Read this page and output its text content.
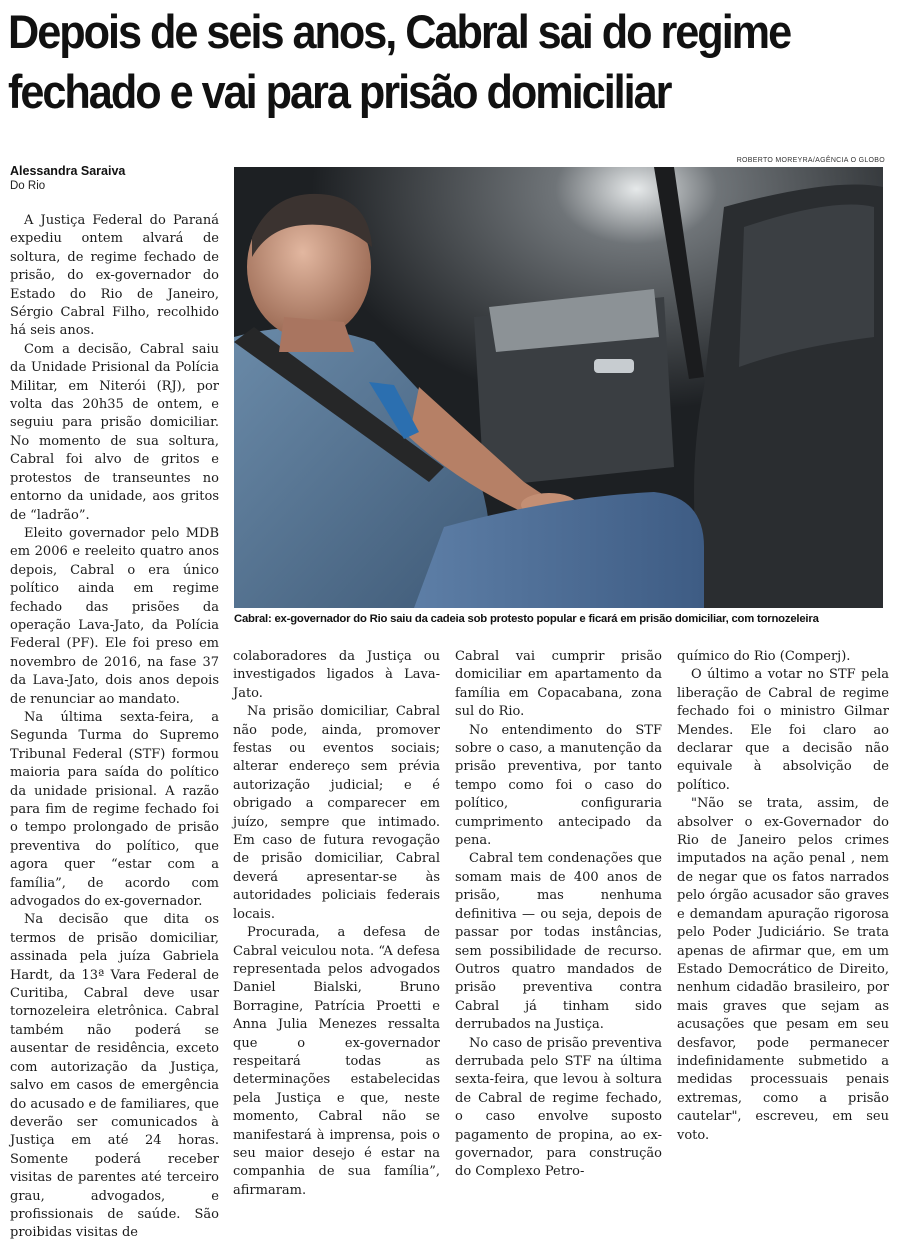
Depois de seis anos, Cabral sai do regime
fechado e vai para prisão domiciliar
Alessandra Saraiva
Do Rio
ROBERTO MOREYRA/AGÊNCIA O GLOBO
Cabral: ex-governador do Rio saiu da cadeia sob protesto popular e ficará em prisão domiciliar, com tornozeleira

A Justiça Federal do Paraná expediu ontem alvará de soltura, de regime fechado de prisão, do ex-governador do Estado do Rio de Janeiro, Sérgio Cabral Filho, recolhido há seis anos.

Com a decisão, Cabral saiu da Unidade Prisional da Polícia Militar, em Niterói (RJ), por volta das 20h35 de ontem, e seguiu para prisão domiciliar. No momento de sua soltura, Cabral foi alvo de gritos e protestos de transeuntes no entorno da unidade, aos gritos de “ladrão”.

Eleito governador pelo MDB em 2006 e reeleito quatro anos depois, Cabral o era único político ainda em regime fechado das prisões da operação Lava-Jato, da Polícia Federal (PF). Ele foi preso em novembro de 2016, na fase 37 da Lava-Jato, dois anos depois de renunciar ao mandato.

Na última sexta-feira, a Segunda Turma do Supremo Tribunal Federal (STF) formou maioria para saída do político da unidade prisional. A razão para fim de regime fechado foi o tempo prolongado de prisão preventiva do político, que agora quer “estar com a família”, de acordo com advogados do ex-governador.

Na decisão que dita os termos de prisão domiciliar, assinada pela juíza Gabriela Hardt, da 13ª Vara Federal de Curitiba, Cabral deve usar tornozeleira eletrônica. Cabral também não poderá se ausentar de residência, exceto com autorização da Justiça, salvo em casos de emergência do acusado e de familiares, que deverão ser comunicados à Justiça em até 24 horas. Somente poderá receber visitas de parentes até terceiro grau, advogados, e profissionais de saúde. São proibidas visitas de

colaboradores da Justiça ou investigados ligados à Lava-Jato.

Na prisão domiciliar, Cabral não pode, ainda, promover festas ou eventos sociais; alterar endereço sem prévia autorização judicial; e é obrigado a comparecer em juízo, sempre que intimado. Em caso de futura revogação de prisão domiciliar, Cabral deverá apresentar-se às autoridades policiais federais locais.

Procurada, a defesa de Cabral veiculou nota. “A defesa representada pelos advogados Daniel Bialski, Bruno Borragine, Patrícia Proetti e Anna Julia Menezes ressalta que o ex-governador respeitará todas as determinações estabelecidas pela Justiça e que, neste momento, Cabral não se manifestará à imprensa, pois o seu maior desejo é estar na companhia de sua família”, afirmaram.

Cabral vai cumprir prisão domiciliar em apartamento da família em Copacabana, zona sul do Rio.

No entendimento do STF sobre o caso, a manutenção da prisão preventiva, por tanto tempo como foi o caso do político, configuraria cumprimento antecipado da pena.

Cabral tem condenações que somam mais de 400 anos de prisão, mas nenhuma definitiva — ou seja, depois de passar por todas instâncias, sem possibilidade de recurso. Outros quatro mandados de prisão preventiva contra Cabral já tinham sido derrubados na Justiça.

No caso de prisão preventiva derrubada pelo STF na última sexta-feira, que levou à soltura de Cabral de regime fechado, o caso envolve suposto pagamento de propina, ao ex-governador, para construção do Complexo Petro-

químico do Rio (Comperj).

O último a votar no STF pela liberação de Cabral de regime fechado foi o ministro Gilmar Mendes. Ele foi claro ao declarar que a decisão não equivale à absolvição de político.

"Não se trata, assim, de absolver o ex-Governador do Rio de Janeiro pelos crimes imputados na ação penal , nem de negar que os fatos narrados pelo órgão acusador são graves e demandam apuração rigorosa pelo Poder Judiciário. Se trata apenas de afirmar que, em um Estado Democrático de Direito, nenhum cidadão brasileiro, por mais graves que sejam as acusações que pesam em seu desfavor, pode permanecer indefinidamente submetido a medidas processuais penais extremas, como a prisão cautelar", escreveu, em seu voto.
